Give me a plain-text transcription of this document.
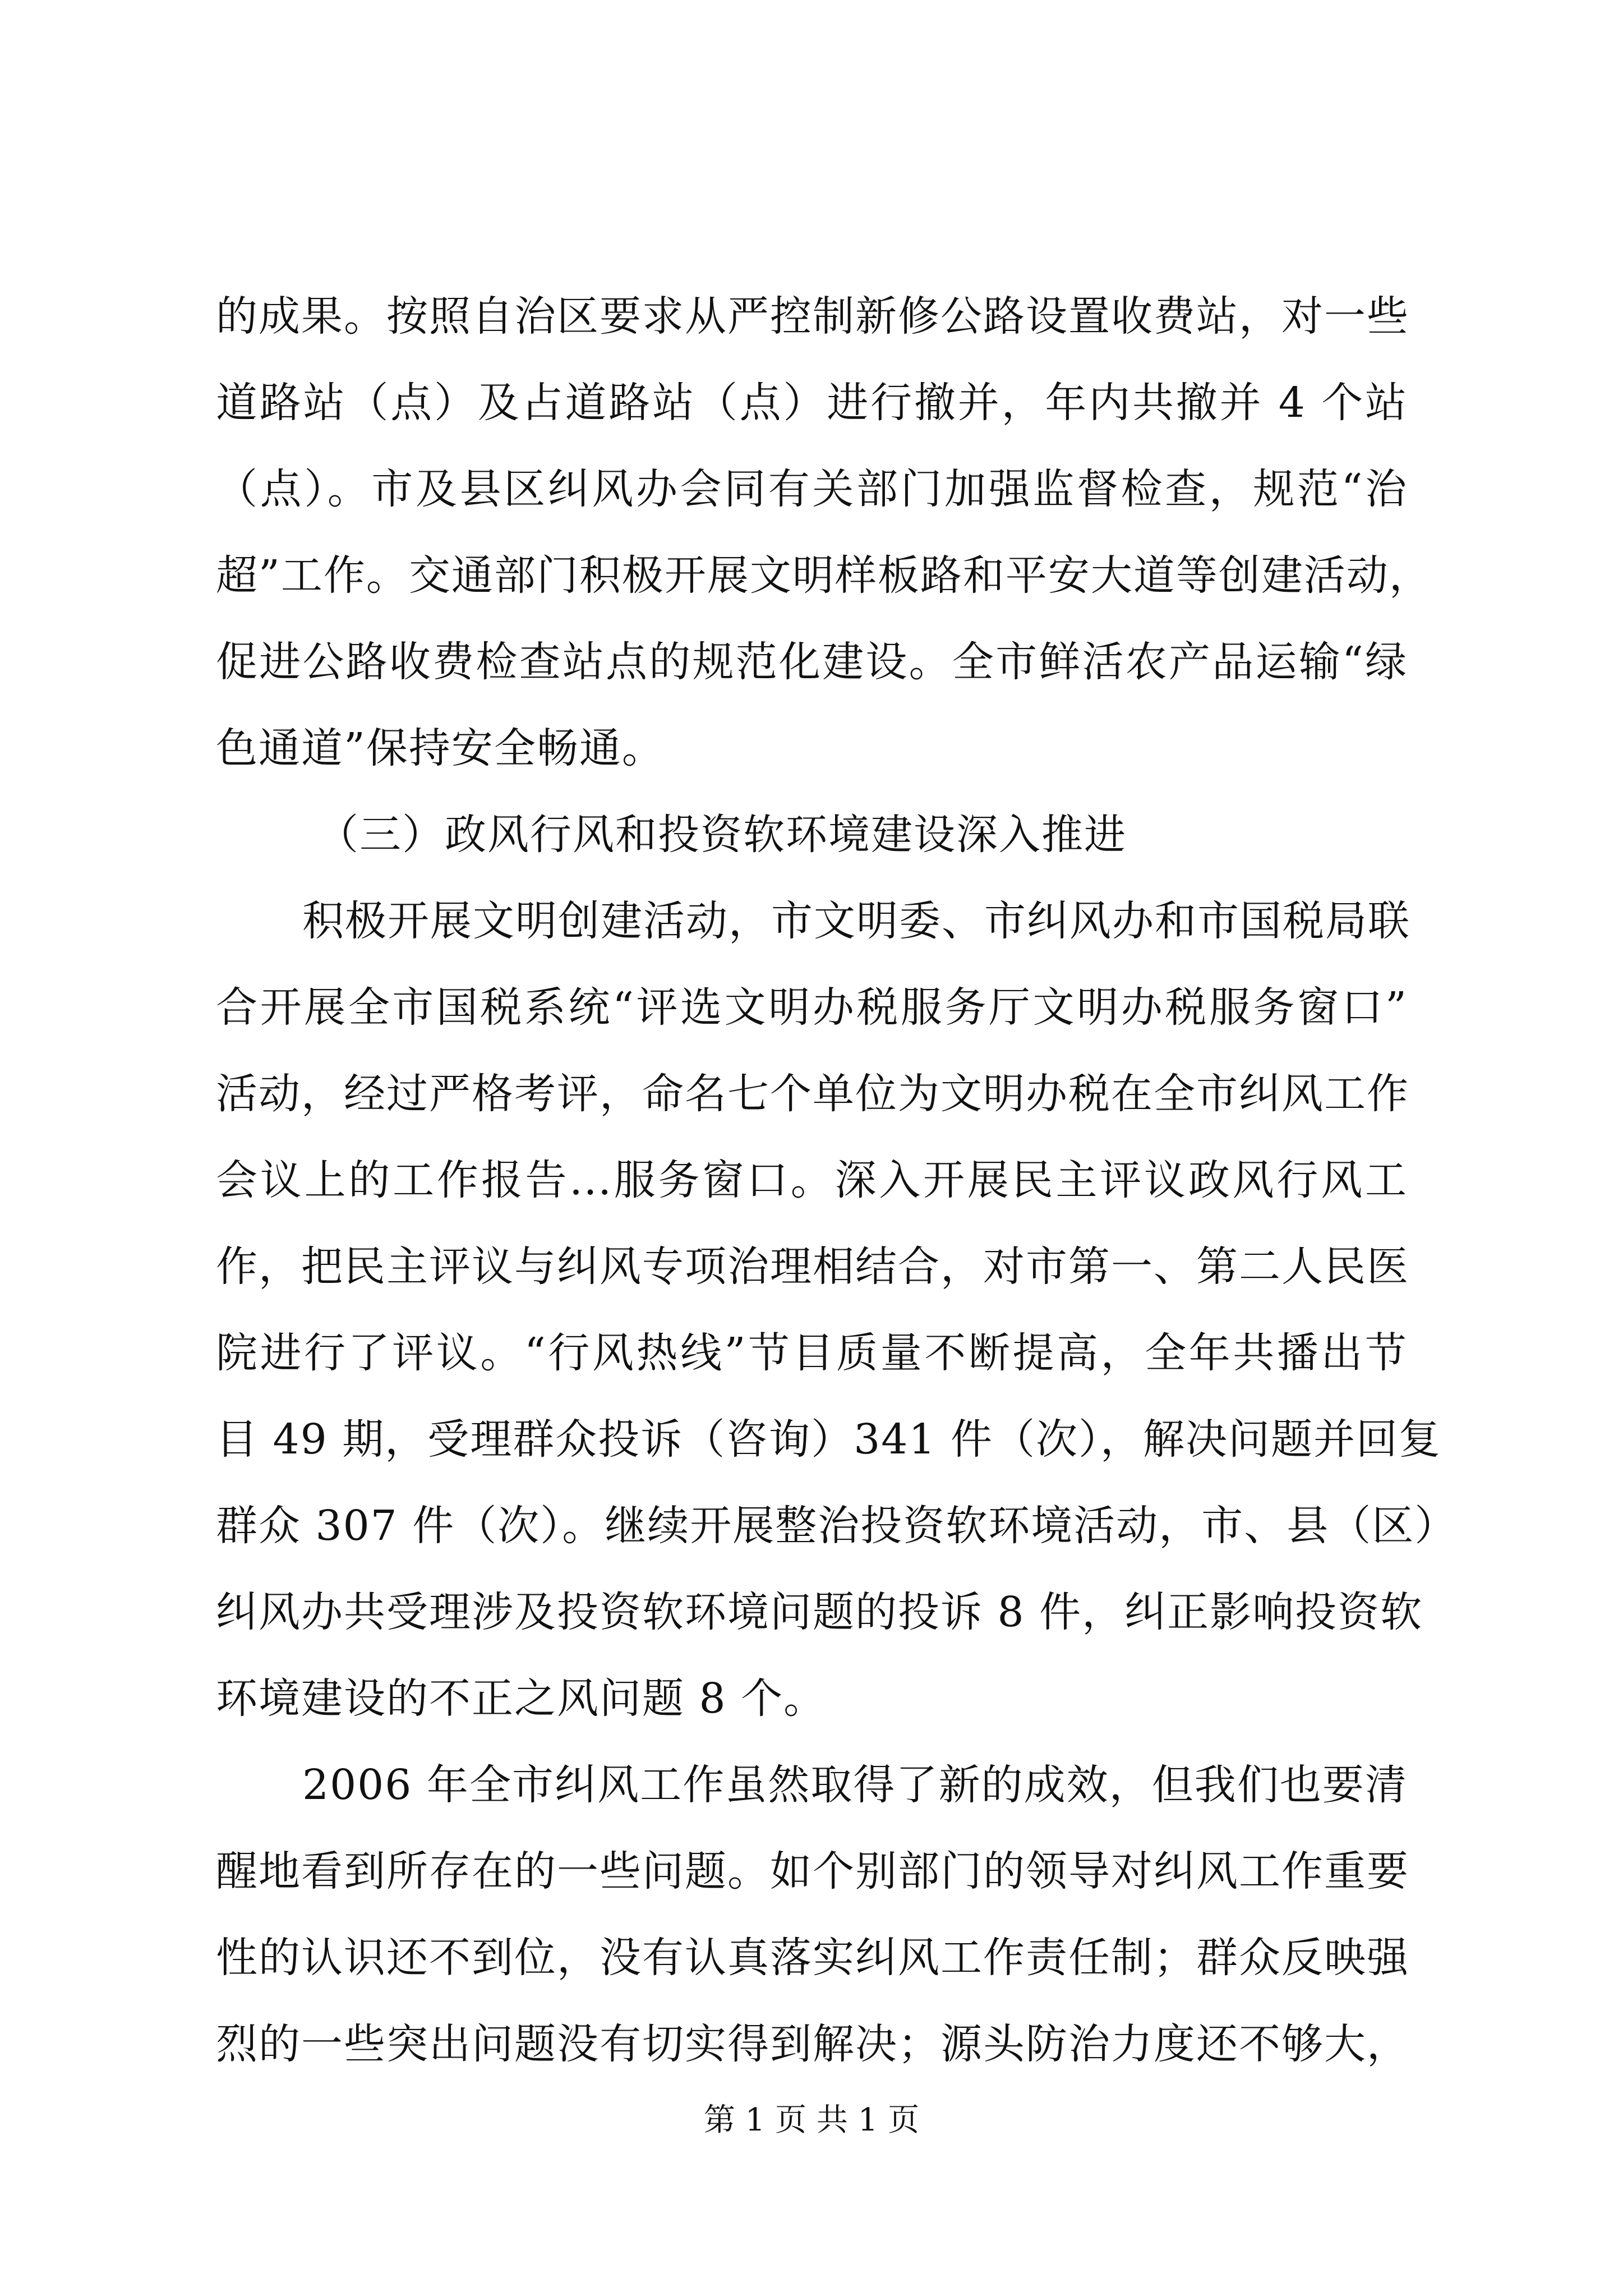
的成果。按照自治区要求从严控制新修公路设置收费站，对一些
道路站（点）及占道路站（点）进行撤并，年内共撤并 4 个站
（点）。市及县区纠风办会同有关部门加强监督检查，规范“治
超”工作。交通部门积极开展文明样板路和平安大道等创建活动，
促进公路收费检查站点的规范化建设。全市鲜活农产品运输“绿
色通道”保持安全畅通。
（三）政风行风和投资软环境建设深入推进
积极开展文明创建活动，市文明委、市纠风办和市国税局联
合开展全市国税系统“评选文明办税服务厅文明办税服务窗口”
活动，经过严格考评，命名七个单位为文明办税在全市纠风工作
会议上的工作报告...服务窗口。深入开展民主评议政风行风工
作，把民主评议与纠风专项治理相结合，对市第一、第二人民医
院进行了评议。“行风热线”节目质量不断提高，全年共播出节
目 49 期，受理群众投诉（咨询）341 件（次），解决问题并回复
群众 307 件（次）。继续开展整治投资软环境活动，市、县（区）
纠风办共受理涉及投资软环境问题的投诉 8 件，纠正影响投资软
环境建设的不正之风问题 8 个。
2006 年全市纠风工作虽然取得了新的成效，但我们也要清
醒地看到所存在的一些问题。如个别部门的领导对纠风工作重要
性的认识还不到位，没有认真落实纠风工作责任制；群众反映强
烈的一些突出问题没有切实得到解决；源头防治力度还不够大，
第 1 页 共 1 页
